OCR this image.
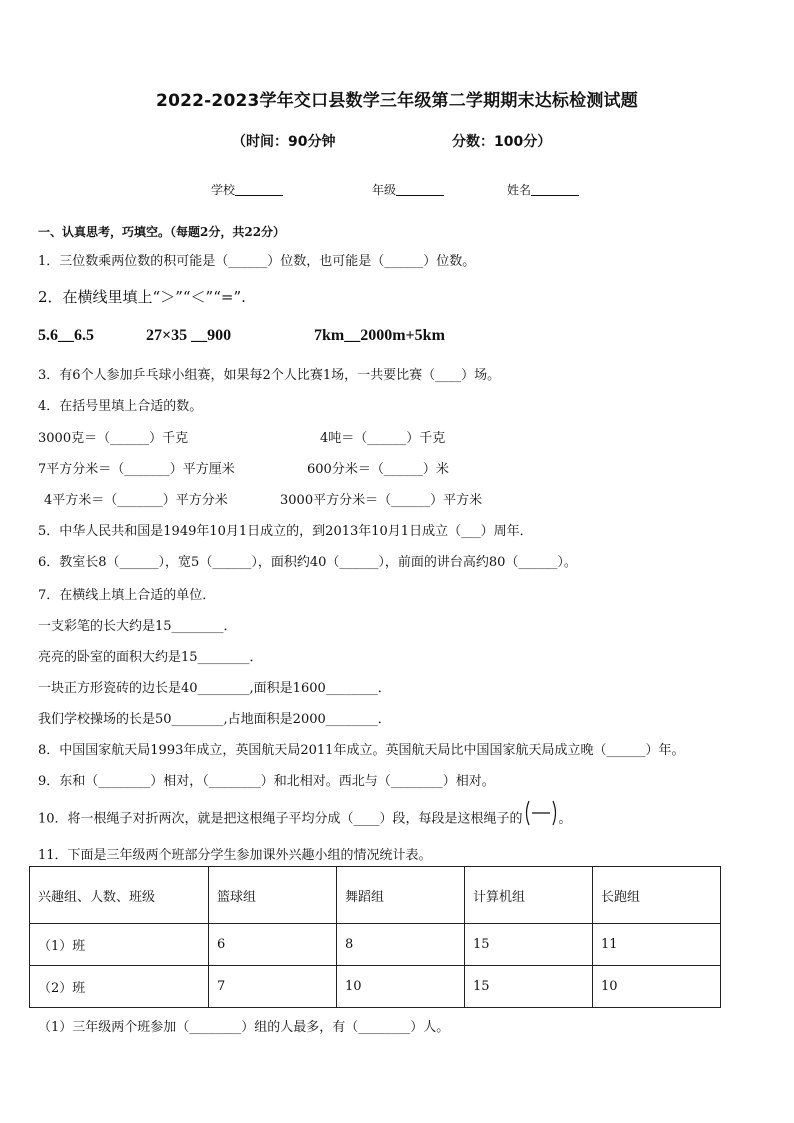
2022-2023学年交口县数学三年级第二学期期末达标检测试题
（时间：90分钟	分数：100分）
学校	年级	姓名
一、认真思考，巧填空。（每题2分，共22分）
1．三位数乘两位数的积可能是（______）位数，也可能是（______）位数。
2．在横线里填上“＞”“＜”“=”.
5.6__6.5	27×35 __900	7km__2000m+5km
3．有6个人参加乒乓球小组赛，如果每2个人比赛1场，一共要比赛（____）场。
4．在括号里填上合适的数。
3000克＝（______）千克	4吨＝（______）千克
7平方分米＝（_______）平方厘米	600分米＝（______）米
4平方米＝（_______）平方分米	3000平方分米＝（______）平方米
5．中华人民共和国是1949年10月1日成立的，到2013年10月1日成立（___）周年．
6．教室长8（______），宽5（______），面积约40（______），前面的讲台高约80（______）。
7．在横线上填上合适的单位．
一支彩笔的长大约是15________．
亮亮的卧室的面积大约是15________．
一块正方形瓷砖的边长是40________,面积是1600________．
我们学校操场的长是50________,占地面积是2000________．
8．中国国家航天局1993年成立，英国航天局2011年成立。英国航天局比中国国家航天局成立晚（______）年。
9．东和（________）相对，（________）和北相对。西北与（________）相对。
10．将一根绳子对折两次，就是把这根绳子平均分成（____）段，每段是这根绳子的	。
11．下面是三年级两个班部分学生参加课外兴趣小组的情况统计表。
兴趣组、人数、班级	篮球组	舞蹈组	计算机组	长跑组
（1）班	6	8	15	11
（2）班	7	10	15	10
（1）三年级两个班参加（________）组的人最多，有（________）人。
